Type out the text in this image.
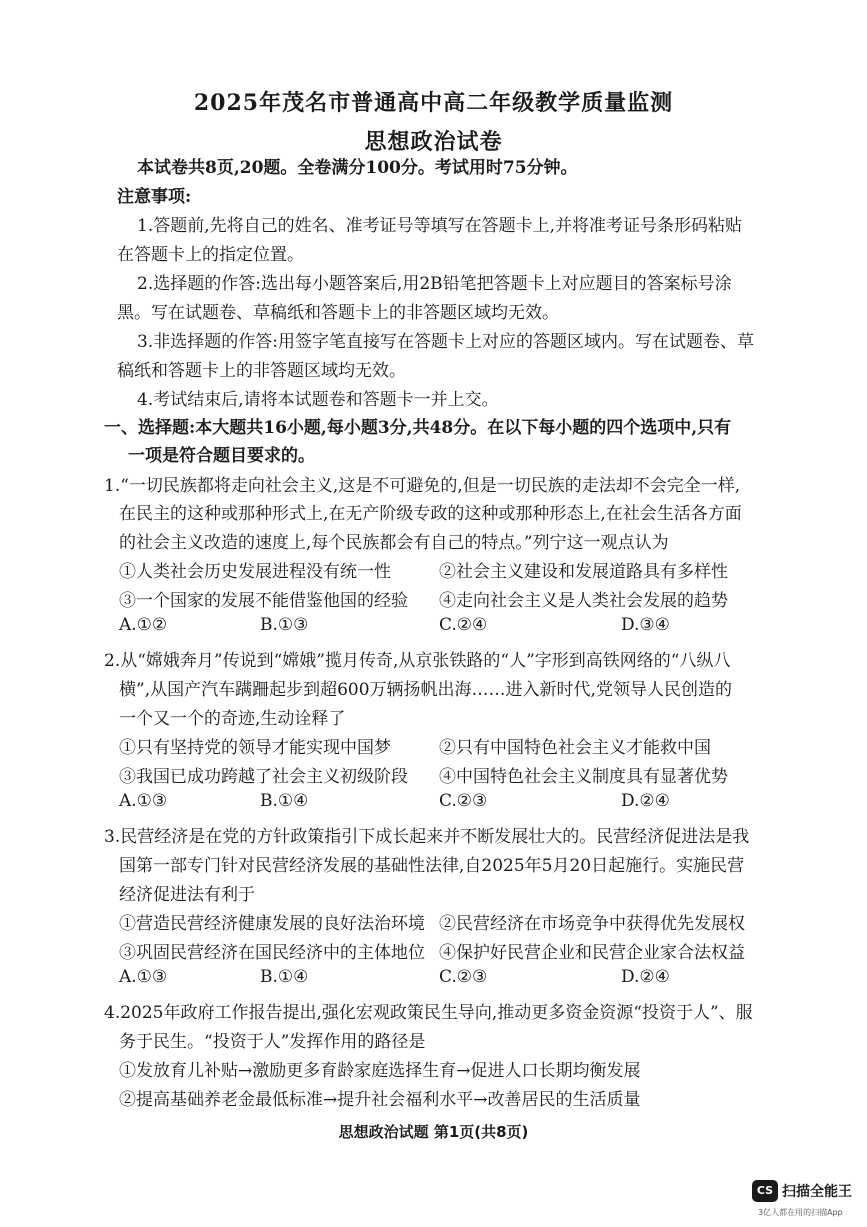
2025年茂名市普通高中高二年级教学质量监测
思想政治试卷
本试卷共8页,20题。全卷满分100分。考试用时75分钟。
注意事项:
1.答题前,先将自己的姓名、准考证号等填写在答题卡上,并将准考证号条形码粘贴
在答题卡上的指定位置。
2.选择题的作答:选出每小题答案后,用2B铅笔把答题卡上对应题目的答案标号涂
黑。写在试题卷、草稿纸和答题卡上的非答题区域均无效。
3.非选择题的作答:用签字笔直接写在答题卡上对应的答题区域内。写在试题卷、草
稿纸和答题卡上的非答题区域均无效。
4.考试结束后,请将本试题卷和答题卡一并上交。
一、选择题:本大题共16小题,每小题3分,共48分。在以下每小题的四个选项中,只有
一项是符合题目要求的。
1.“一切民族都将走向社会主义,这是不可避免的,但是一切民族的走法却不会完全一样,
在民主的这种或那种形式上,在无产阶级专政的这种或那种形态上,在社会生活各方面
的社会主义改造的速度上,每个民族都会有自己的特点。”列宁这一观点认为
①人类社会历史发展进程没有统一性	②社会主义建设和发展道路具有多样性
③一个国家的发展不能借鉴他国的经验 ④走向社会主义是人类社会发展的趋势
A.①②	B.①③	C.②④	D.③④
2.从“嫦娥奔月”传说到“嫦娥”揽月传奇,从京张铁路的“人”字形到高铁网络的“八纵八
横”,从国产汽车蹒跚起步到超600万辆扬帆出海……进入新时代,党领导人民创造的
一个又一个的奇迹,生动诠释了
①只有坚持党的领导才能实现中国梦	②只有中国特色社会主义才能救中国
③我国已成功跨越了社会主义初级阶段 ④中国特色社会主义制度具有显著优势
A.①③	B.①④	C.②③	D.②④
3.民营经济是在党的方针政策指引下成长起来并不断发展壮大的。民营经济促进法是我
国第一部专门针对民营经济发展的基础性法律,自2025年5月20日起施行。实施民营
经济促进法有利于
①营造民营经济健康发展的良好法治环境 ②民营经济在市场竞争中获得优先发展权
③巩固民营经济在国民经济中的主体地位 ④保护好民营企业和民营企业家合法权益
A.①③	B.①④	C.②③	D.②④
4.2025年政府工作报告提出,强化宏观政策民生导向,推动更多资金资源“投资于人”、服
务于民生。“投资于人”发挥作用的路径是
①发放育儿补贴→激励更多育龄家庭选择生育→促进人口长期均衡发展
②提高基础养老金最低标准→提升社会福利水平→改善居民的生活质量
思想政治试题 第1页(共8页)
CS 扫描全能王
3亿人都在用的扫描App
